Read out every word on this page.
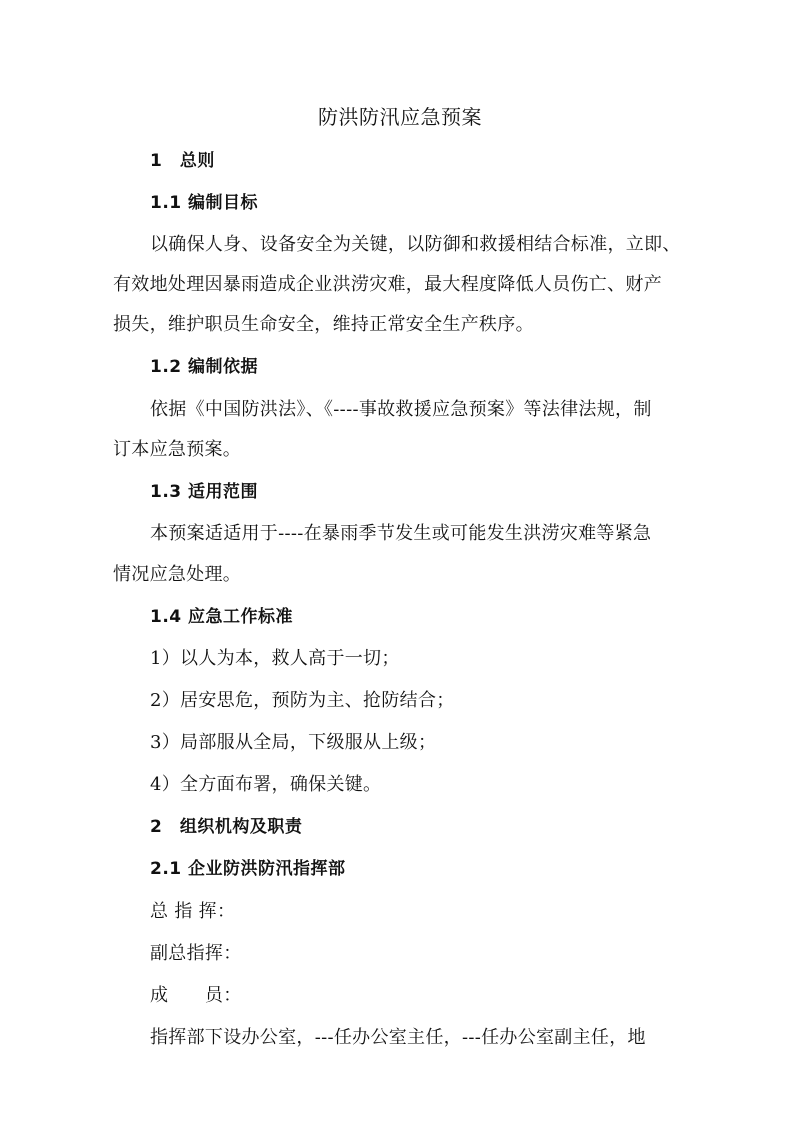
防洪防汛应急预案
1　总则
1.1 编制目标
以确保人身、设备安全为关键，以防御和救援相结合标准，立即、
有效地处理因暴雨造成企业洪涝灾难，最大程度降低人员伤亡、财产
损失，维护职员生命安全，维持正常安全生产秩序。
1.2 编制依据
依据《中国防洪法》、《----事故救援应急预案》等法律法规，制
订本应急预案。
1.3 适用范围
本预案适适用于----在暴雨季节发生或可能发生洪涝灾难等紧急
情况应急处理。
1.4 应急工作标准
1）以人为本，救人高于一切；
2）居安思危，预防为主、抢防结合；
3）局部服从全局，下级服从上级；
4）全方面布署，确保关键。
2　组织机构及职责
2.1 企业防洪防汛指挥部
总 指 挥：
副总指挥：
成　　员：
指挥部下设办公室，---任办公室主任，---任办公室副主任，地
